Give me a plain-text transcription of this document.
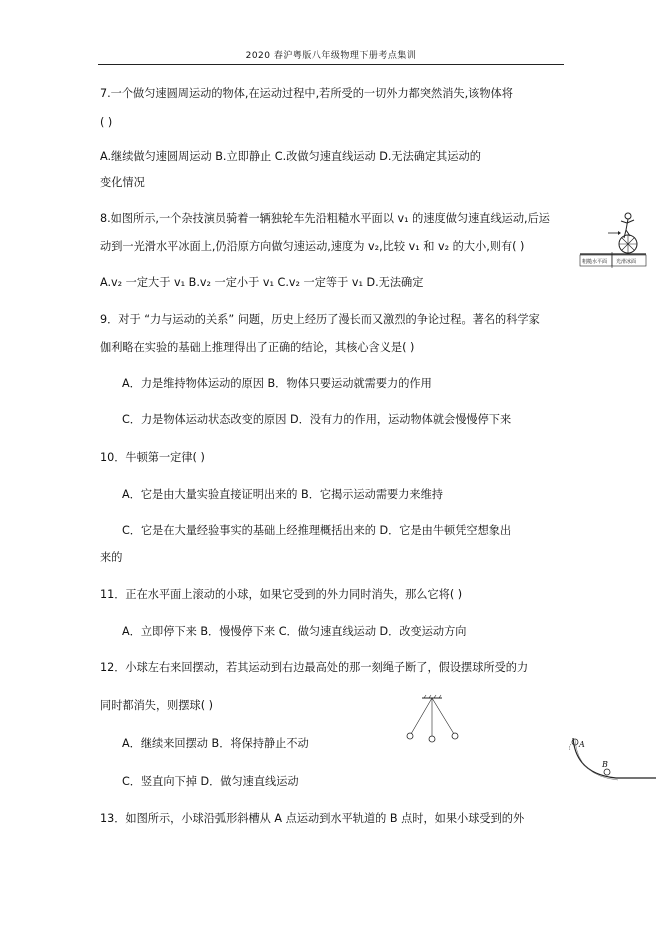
2020 春沪粤版八年级物理下册考点集训
7.一个做匀速圆周运动的物体,在运动过程中,若所受的一切外力都突然消失,该物体将
( )
A.继续做匀速圆周运动 B.立即静止 C.改做匀速直线运动 D.无法确定其运动的
变化情况
8.如图所示,一个杂技演员骑着一辆独轮车先沿粗糙水平面以 v₁ 的速度做匀速直线运动,后运
动到一光滑水平冰面上,仍沿原方向做匀速运动,速度为 v₂,比较 v₁ 和 v₂ 的大小,则有( )
A.v₂ 一定大于 v₁ B.v₂ 一定小于 v₁ C.v₂ 一定等于 v₁ D.无法确定
粗糙水平面 光滑冰面
9．对于 “力与运动的关系” 问题，历史上经历了漫长而又激烈的争论过程。著名的科学家
伽利略在实验的基础上推理得出了正确的结论，其核心含义是( )
A．力是维持物体运动的原因 B．物体只要运动就需要力的作用
C．力是物体运动状态改变的原因 D．没有力的作用，运动物体就会慢慢停下来
10．牛顿第一定律( )
A．它是由大量实验直接证明出来的 B．它揭示运动需要力来维持
C．它是在大量经验事实的基础上经推理概括出来的 D．它是由牛顿凭空想象出
来的
11．正在水平面上滚动的小球，如果它受到的外力同时消失，那么它将( )
A．立即停下来 B．慢慢停下来 C．做匀速直线运动 D．改变运动方向
12．小球左右来回摆动，若其运动到右边最高处的那一刻绳子断了，假设摆球所受的力
同时都消失，则摆球( )
A．继续来回摆动 B．将保持静止不动
C．竖直向下掉 D．做匀速直线运动
A
B
13．如图所示，小球沿弧形斜槽从 A 点运动到水平轨道的 B 点时，如果小球受到的外
